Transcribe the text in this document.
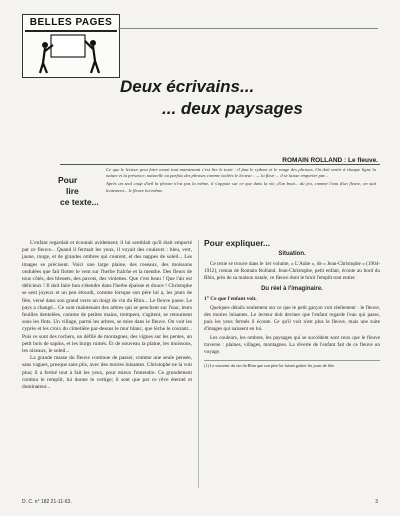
BELLES PAGES
Deux écrivains...
... deux paysages
ROMAIN ROLLAND : Le fleuve.
Pour
lire
ce texte...

Ce que le lecteur peut faire avant tout maintenant c'est lire le texte : il faut le rythme et le rouge des phrases. On doit sentir à chaque ligne la nature et la présence, naturelle ou parfois des phrases comme isolées le lecteur : — la fleur ... il se laisse emporter par...

Après un seul coup d'œil la phrase n'est pas la même, il s'appuie sur ce que dans la vie, d'un bout... du jeu, comme l'eau d'un fleuve, on suit lentement... le fleuve lui-même.

L'enfant regardait et écoutait avidement; il lui semblait qu'il était emporté par ce fleuve... Quand il fermait les yeux, il voyait des couleurs : bleu, vert, jaune, rouge, et de grandes ombres qui courent, et des nappes de soleil... Les images se précisent. Voici une large plaine, des roseaux, des moissons ondulées que fait flotter le vent sur l'herbe fraîche et la menthe. Des fleurs de tous côtés, des bleuets, des pavots, des violettes. Que c'est beau ! Que l'air est délicieux ! Il doit faire bon s'étendre dans l'herbe épaisse et douce ! Christophe se sent joyeux et un peu étourdi, comme lorsque son père lui a, les jours de fête, versé dans son grand verre un doigt de vin du Rhin... Le fleuve passe. Le pays a changé... Ce sont maintenant des arbres qui se penchent sur l'eau; leurs feuilles dentelées, comme de petites mains, trempent, s'agitent, se retournent sous les flots. Un village, parmi les arbres, se mire dans le fleuve. On voit les cyprès et les croix du cimetière par-dessus le mur blanc, que lèche le courant... Puis ce sont des rochers, un défilé de montagnes, des vignes sur les pentes, un petit bois de sapins, et les burgs ruinés. Et de nouveau la plaine, les moissons, les oiseaux, le soleil...

La grande masse du fleuve continue de passer, comme une seule pensée, sans vagues, presque sans plis, avec des moires luisantes. Christophe ne la voit plus; il a fermé tout à fait les yeux, pour mieux l'entendre. Ce grondement continu le remplit, lui donne le vertige; il sent que par ce rêve éternel et dominateur...

Pour expliquer...
Situation.

Ce texte se trouve dans le 1er volume, « L'Aube », de « Jean-Christophe » (1904-1912), roman de Romain Rolland. Jean-Christophe, petit enfant, écoute au bord du Rhin, près de sa maison natale, ce fleuve dont le bruit l'emplit tout entier.

Du réel à l'imaginaire.
1° Ce que l'enfant voit.

Quelques détails seulement sur ce que le petit garçon voit réellement : le fleuve, des moires luisantes. Le lecteur doit deviner que l'enfant regarde l'eau qui passe, puis les yeux fermés il écoute. Ce qu'il voit n'est plus le fleuve, mais une suite d'images qui naissent en lui.

Les couleurs, les ombres, les paysages qui se succèdent sont ceux que le fleuve traverse : plaines, villages, montagnes. La rêverie de l'enfant fait de ce fleuve un voyage.

(1) Le souvenir du vin du Rhin que son père lui faisait goûter les jours de fête.

D. C. n° 182 21-11-63.	3
